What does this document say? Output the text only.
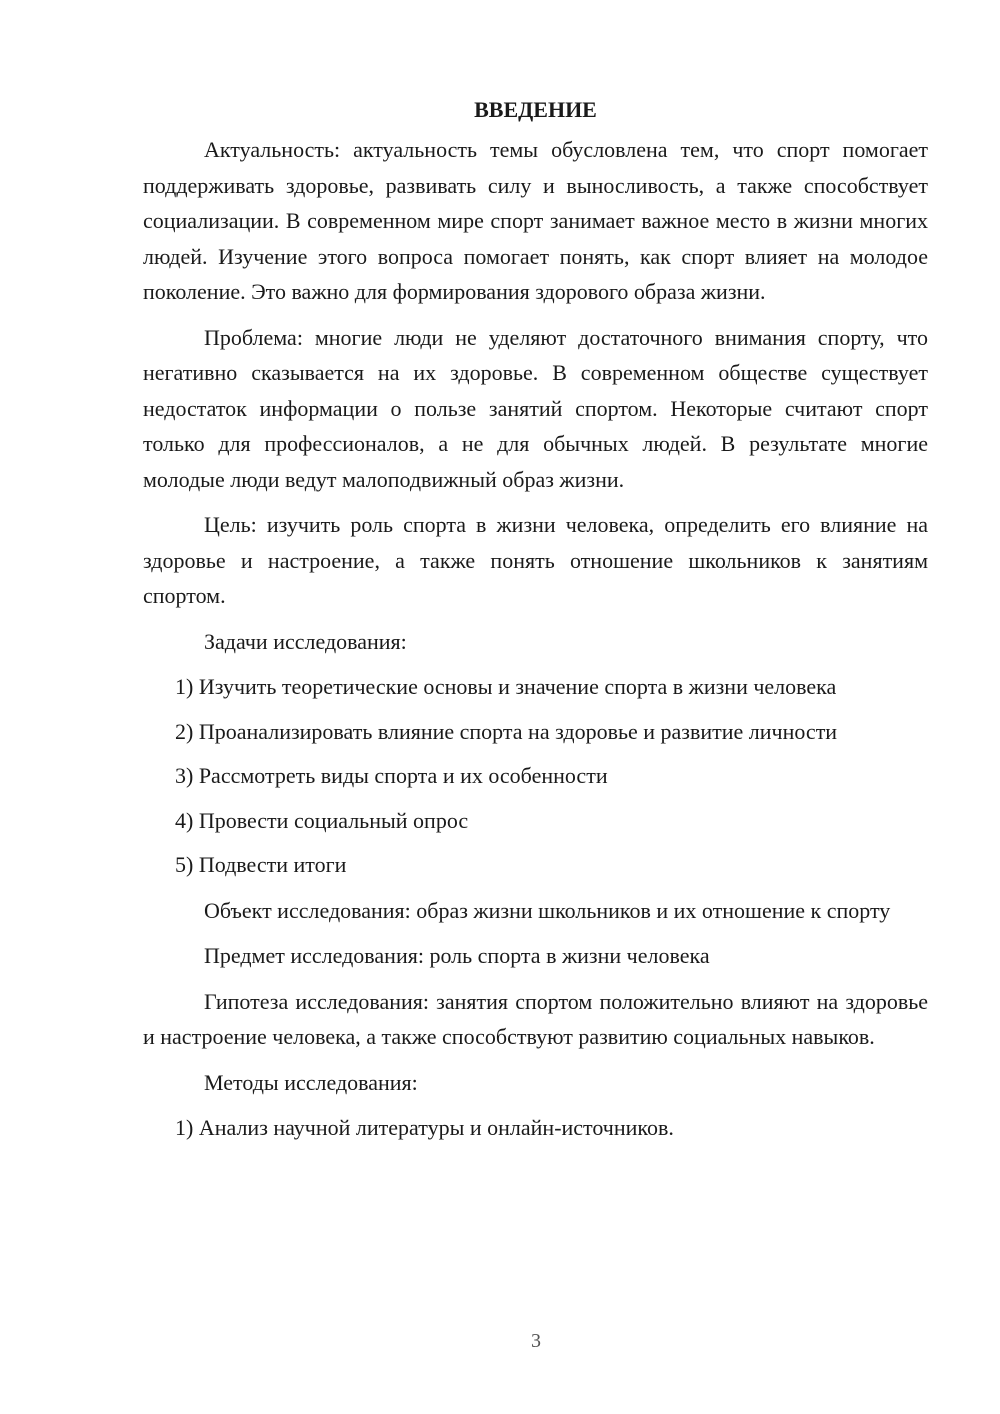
ВВЕДЕНИЕ

Актуальность: актуальность темы обусловлена тем, что спорт помогает поддерживать здоровье, развивать силу и выносливость, а также способствует социализации. В современном мире спорт занимает важное место в жизни многих людей. Изучение этого вопроса помогает понять, как спорт влияет на молодое поколение. Это важно для формирования здорового образа жизни.

Проблема: многие люди не уделяют достаточного внимания спорту, что негативно сказывается на их здоровье. В современном обществе существует недостаток информации о пользе занятий спортом. Некоторые считают спорт только для профессионалов, а не для обычных людей. В результате многие молодые люди ведут малоподвижный образ жизни.

Цель: изучить роль спорта в жизни человека, определить его влияние на здоровье и настроение, а также понять отношение школьников к занятиям спортом.

Задачи исследования:

1) Изучить теоретические основы и значение спорта в жизни человека
2) Проанализировать влияние спорта на здоровье и развитие личности
3) Рассмотреть виды спорта и их особенности
4) Провести социальный опрос
5) Подвести итоги

Объект исследования: образ жизни школьников и их отношение к спорту

Предмет исследования: роль спорта в жизни человека

Гипотеза исследования: занятия спортом положительно влияют на здоровье и настроение человека, а также способствуют развитию социальных навыков.

Методы исследования:

1) Анализ научной литературы и онлайн-источников.
3
